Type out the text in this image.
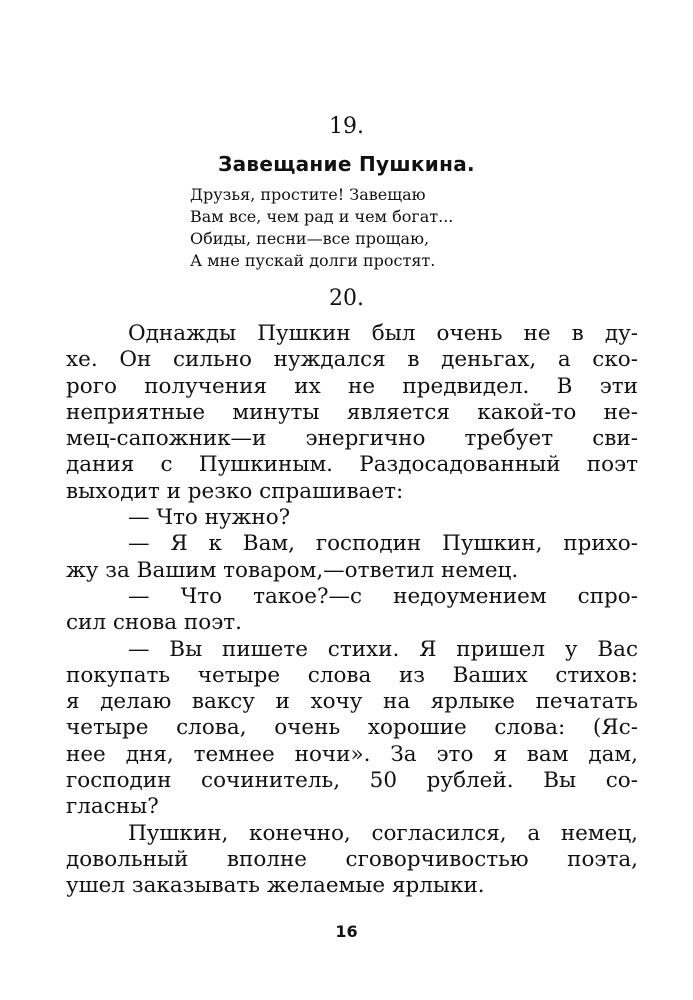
19.
Завещание Пушкина.
Друзья, простите! Завещаю
Вам все, чем рад и чем богат...
Обиды, песни—все прощаю,
А мне пускай долги простят.
20.
Однажды Пушкин был очень не в ду-
хе. Он сильно нуждался в деньгах, а ско-
рого получения их не предвидел. В эти
неприятные минуты является какой-то не-
мец-сапожник—и энергично требует сви-
дания с Пушкиным. Раздосадованный поэт
выходит и резко спрашивает:
— Что нужно?
— Я к Вам, господин Пушкин, прихо-
жу за Вашим товаром,—ответил немец.
— Что такое?—с недоумением спро-
сил снова поэт.
— Вы пишете стихи. Я пришел у Вас
покупать четыре слова из Ваших стихов:
я делаю ваксу и хочу на ярлыке печатать
четыре слова, очень хорошие слова: (Яс-
нее дня, темнее ночи». За это я вам дам,
господин сочинитель, 50 рублей. Вы со-
гласны?
Пушкин, конечно, согласился, а немец,
довольный вполне сговорчивостью поэта,
ушел заказывать желаемые ярлыки.
16
